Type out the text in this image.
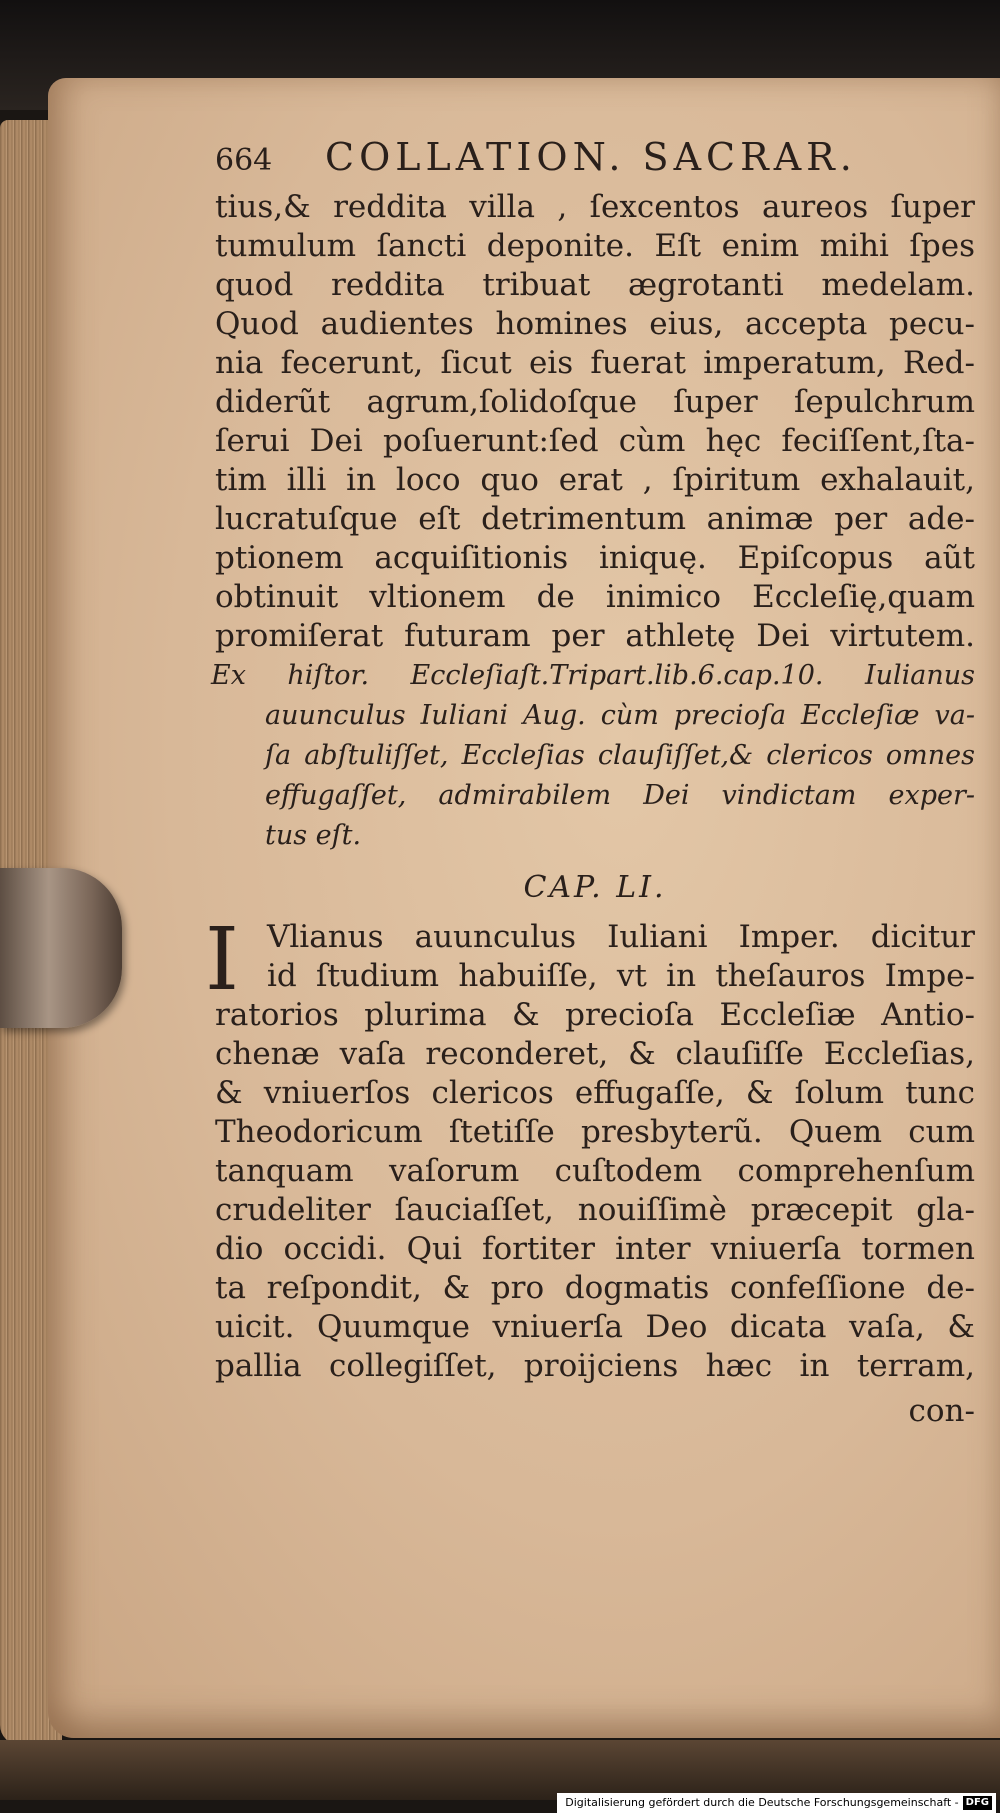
664	COLLATION. SACRAR.
tius,& reddita villa , ſexcentos aureos ſuper
tumulum ſancti deponite. Eſt enim mihi ſpes
quod reddita tribuat ægrotanti medelam.
Quod audientes homines eius, accepta pecu-
nia fecerunt, ſicut eis fuerat imperatum, Red-
diderũt agrum,ſolidoſque ſuper ſepulchrum
ſerui Dei poſuerunt:ſed cùm hęc feciſſent,ſta-
tim illi in loco quo erat , ſpiritum exhalauit,
lucratuſque eſt detrimentum animæ per ade-
ptionem acquiſitionis iniquę. Epiſcopus aũt
obtinuit vltionem de inimico Eccleſię,quam
promiſerat futuram per athletę Dei virtutem.
Ex hiſtor. Eccleſiaſt.Tripart.lib.6.cap.10. Iulianus
auunculus Iuliani Aug. cùm precioſa Eccleſiæ va-
ſa abſtuliſſet, Eccleſias clauſiſſet,& clericos omnes
effugaſſet, admirabilem Dei vindictam exper-
tus eſt.
CAP. LI.
I Vlianus auunculus Iuliani Imper. dicitur
id ſtudium habuiſſe, vt in theſauros Impe-
ratorios plurima & precioſa Eccleſiæ Antio-
chenæ vaſa reconderet, & clauſiſſe Eccleſias,
& vniuerſos clericos effugaſſe, & ſolum tunc
Theodoricum ſtetiſſe presbyterũ. Quem cum
tanquam vaſorum cuſtodem comprehenſum
crudeliter ſauciaſſet, nouiſſimè præcepit gla-
dio occidi. Qui fortiter inter vniuerſa tormen
ta reſpondit, & pro dogmatis confeſſione de-
uicit. Quumque vniuerſa Deo dicata vaſa, &
pallia collegiſſet, proijciens hæc in terram,
con-
Digitalisierung gefördert durch die Deutsche Forschungsgemeinschaft - DFG
